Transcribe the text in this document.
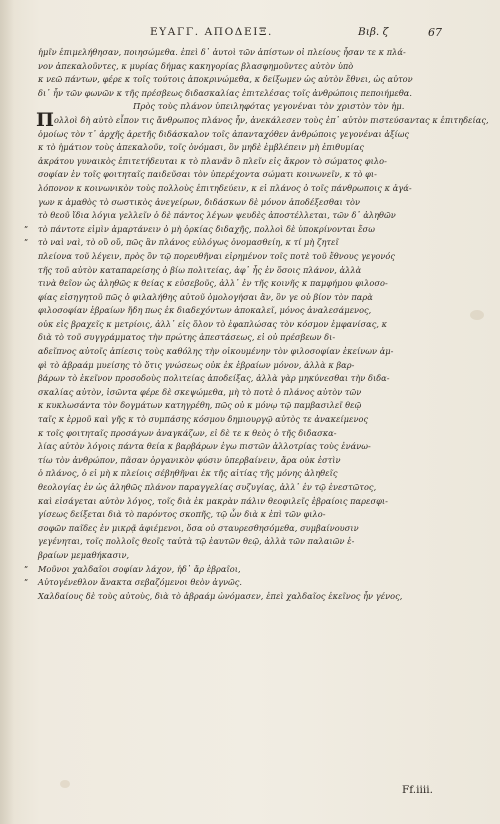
ΕΥΑΓΓ. ΑΠΟΔΕΙΞ.	Βιβ. ζ	67
ἡμῖν ἐπιμελήθησαν, ποιησώμεθα. ἐπεὶ δ᾽ ἀυτοὶ τῶν ἀπίστων οἱ πλείους ἦσαν τε κ πλά-
νον ἀπεκαλοῦντες, κ μυρίας δήμας κακηγορίας βλασφημοῦντες αὐτὸν ὑπὸ
κ νεῶ πάντων, φέρε κ τοῖς τούτοις ἀποκρινώμεθα, κ δείξωμεν ὡς αὐτὸν ἔθνει, ὡς αὐτον
δι᾽ ἦν τῶν φωνῶν κ τῆς πρέσβεως διδασκαλίας ἐπιτελέσας τοῖς ἀνθρώποις πεποιήμεθα.
Πρὸς τοὺς πλάνον ὑπειληφότας γεγονέναι τὸν χριστὸν τὸν ἡμ.
Π ολλοὶ δὴ αὐτὸ εἶπον τις ἄνθρωπος πλάνος ἦν, ἀνεκάλεσεν τοὺς ἐπ᾽ αὐτὸν πιστεύσαντας κ ἐπιτηδείας,
ὁμοίως τὸν τ᾽ ἀρχῆς ἀρετῆς διδάσκαλον τοῖς ἀπανταχόθεν ἀνθρώποις γεγονέναι ἀξίως
κ τὸ ἡμάτιον τοὺς ἀπεκαλοῦν, τοῖς ὀνόμασι, ὃν μηδὲ ἐμβλέπειν μὴ ἐπιθυμίας
ἀκράτου γυναικὸς ἐπιτετήδευται κ τὸ πλανᾶν ὃ πλεῖν εἰς ἄκρον τὸ σώματος φιλο-
σοφίαν ἐν τοῖς φοιτηταῖς παιδεῦσαι τὸν ὑπερέχοντα σώματι κοινωνεῖν, κ τὸ φι-
λόπονον κ κοινωνικὸν τοὺς πολλοὺς ἐπιτηδεύειν, κ εἰ πλάνος ὁ τοῖς πάνθρωποις κ ἀγά-
γων κ ἀμαθὸς τὸ σωστικὸς ἀνεγείρων, διδάσκων δὲ μόνον ἀποδέξεσθαι τὸν
τὸ θεοῦ ἴδια λόγια γελλεῖν ὁ δὲ πάντος λέγων ψευδὲς ἀποστέλλεται, τῶν δ᾽ ἀληθῶν
” τὸ πάντοτε εἰμὶν ἀμαρτάνειν ὁ μὴ ὁρκίας διδαχῆς, πολλοὶ δὲ ὑποκρίνονται ἔσω
” τὸ ναὶ ναὶ, τὸ οὒ οὔ, πῶς ἂν πλάνος εὐλόγως ὀνομασθείη, κ τί μὴ ζητεῖ
πλείονα τοῦ λέγειν, πρὸς ὃν τῷ πορευθῆναι εἰρημένον τοῖς ποτὲ τοῦ ἔθνους γεγονός
τῆς τοῦ αὐτὸν καταπαρείσης ὁ βίω πολιτείας, ἀφ᾽ ἧς ἐν ὅσοις πλάνον, ἀλλὰ
τινὰ θεῖον ὡς ἀληθῶς κ θείας κ εὐσεβοῦς, ἀλλ᾽ ἐν τῆς κοινῆς κ παμφήμου φιλοσο-
φίας εἰσηγητοῦ πῶς ὁ φιλαλήθης αὐτοῦ ὁμολογήσαι ἂν, ὃν γε οὐ βίον τὸν παρὰ
φιλοσοφίαν ἑβραίων ἤδη πως ἐκ διαδεχόντων ἀποκαλεῖ, μόνος ἀναλεσάμενος,
οὐκ εἰς βραχεῖς κ μετρίοις, ἀλλ᾽ εἰς ὅλον τὸ ἐφαπλώσας τὸν κόσμον ἐμφανίσας, κ
διὰ τὸ τοῦ συγγράμματος τὴν πρώτης ἀπεστάσεως, εἰ οὐ πρέσβεων δι-
αδεῖπνος αὐτοῖς ἀπίεσις τοὺς καθόλης τὴν οἰκουμένην τὸν φιλοσοφίαν ἐκείνων ἀμ-
φὶ τὸ ἀβραάμ μυείσης τὸ ὅτις γνώσεως οὐκ ἐκ ἑβραίων μόνον, ἀλλὰ κ βαρ-
βάρων τὸ ἐκεῖνον προσοδοὺς πολιτείας ἀποδείξας, ἀλλὰ γὰρ μηκύνεσθαι τὴν διδα-
σκαλίας αὐτὸν, ἰσῶντα φέρε δὲ σκεψώμεθα, μὴ τὸ ποτὲ ὁ πλάνος αὐτὸν τῶν
κ κυκλωσάντα τὸν δογμάτων κατηγρέθη, πῶς οὐ κ μόνῳ τῷ παμβασιλεῖ θεῷ
ταῖς κ ἑρμοῦ καὶ γῆς κ τὸ συμπάσης κόσμου δημιουργῷ αὐτὸς τε ἀνακείμενος
κ τοῖς φοιτηταῖς προσάγων ἀναγκάζων, εἰ δὲ τε κ θεὸς ὁ τῆς διδασκα-
λίας αὐτὸν λόγοις πάντα θεία κ βαρβάρων ἐγω πιστῶν ἀλλοτρίας τοὺς ἐνάνω-
τίω τὸν ἀνθρώπον, πᾶσαν ὀργανικὸν φύσιν ὑπερβαίνειν, ἄρα οὐκ ἐστὶν
ὁ πλάνος, ὁ εἰ μὴ κ πλείοις σέβηθῆναι ἐκ τῆς αἰτίας τῆς μόνης ἀληθεῖς
θεολογίας ἐν ὡς ἀληθῶς πλάνον παραγγελίας συζυγίας, ἀλλ᾽ ἐν τῷ ἐνεστῶτος,
καὶ εἰσάγεται αὐτὸν λόγος, τοῖς διὰ ἐκ μακρὰν πάλιν θεοφιλεῖς ἑβραίοις παρεσφι-
γίσεως δείξεται διὰ τὸ παρόντος σκοπῆς, τῷ ὧν διὰ κ ἐπὶ τῶν φιλο-
σοφῶν παῖδες ἐν μικρᾷ ἀφιέμενοι, ὅσα οὐ σταυρεσθησόμεθα, συμβαίνουσιν
γεγένηται, τοῖς πολλοῖς θεοῖς ταὐτὰ τῷ ἑαυτῶν θεῷ, ἀλλὰ τῶν παλαιῶν ἑ-
βραίων μεμαθήκασιν,
” Μοῦνοι χαλδαῖοι σοφίαν λάχον, ἠδ᾽ ἄρ ἑβραῖοι,
” Αὐτογένεθλον ἄνακτα σεβαζόμενοι θεὸν ἁγνῶς.
Χαλδαίους δὲ τοὺς αὐτοὺς, διὰ τὸ ἀβραάμ ὠνόμασεν, ἐπεὶ χαλδαῖος ἐκεῖνος ἦν γένος,
Ff.iiii.
